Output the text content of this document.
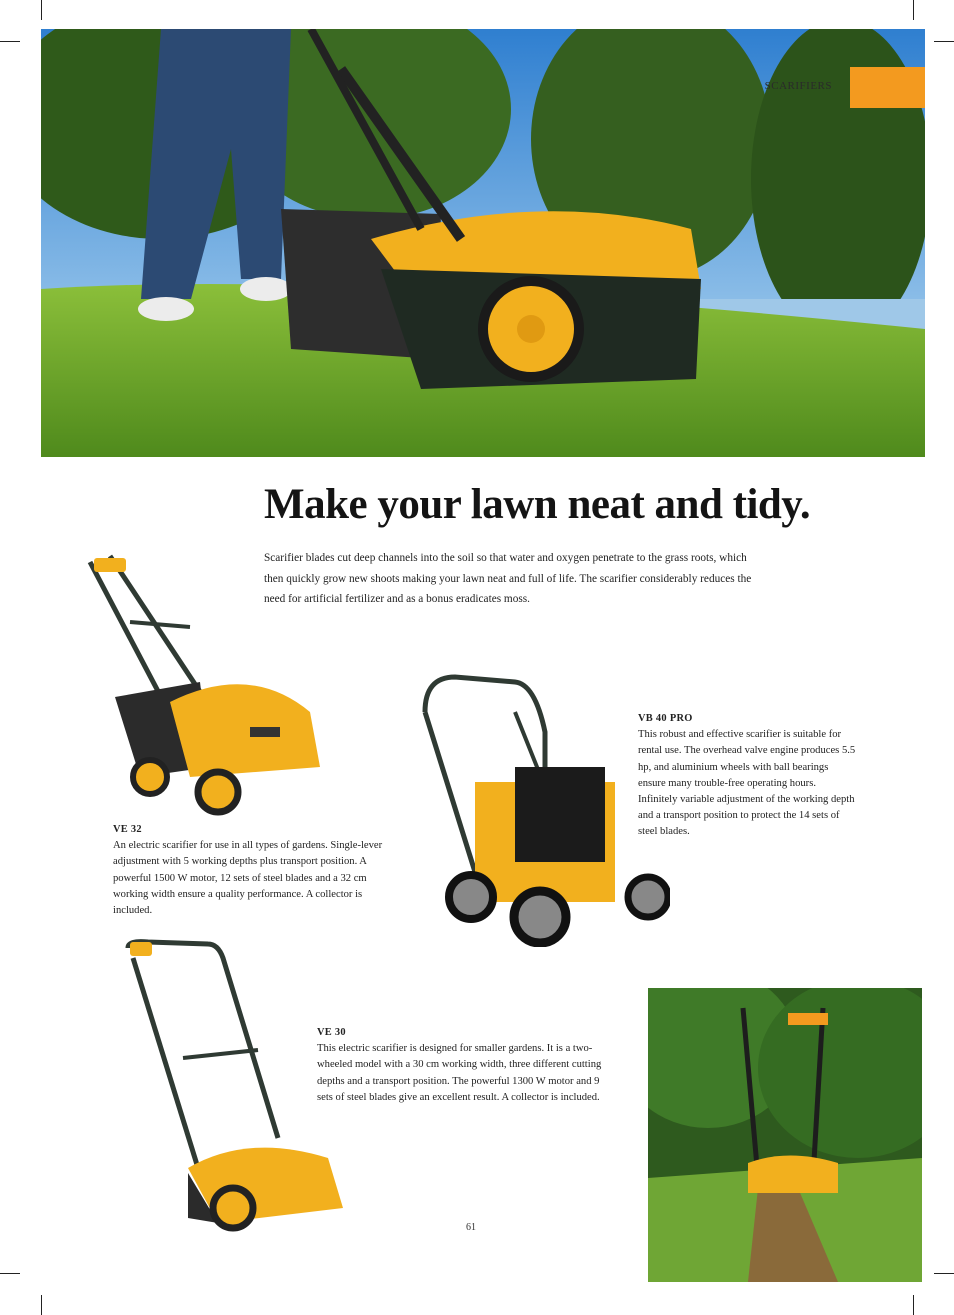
SCARIFIERS
Make your lawn neat and tidy.

Scarifier blades cut deep channels into the soil so that water and oxygen penetrate to the grass roots, which then quickly grow new shoots making your lawn neat and full of life. The scarifier considerably reduces the need for artificial fertilizer and as a bonus eradicates moss.

VE 32
An electric scarifier for use in all types of gardens. Single-lever adjustment with 5 working depths plus transport position. A powerful 1500 W motor, 12 sets of steel blades and a 32 cm working width ensure a quality performance. A collector is included.
VB 40 PRO
This robust and effective scarifier is suitable for rental use. The overhead valve engine produces 5.5 hp, and aluminium wheels with ball bearings ensure many trouble-free operating hours. Infinitely variable adjustment of the working depth and a transport position to protect the 14 sets of steel blades.
VE 30
This electric scarifier is designed for smaller gardens. It is a two-wheeled model with a 30 cm working width, three different cutting depths and a transport position. The powerful 1300 W motor and 9 sets of steel blades give an excellent result. A collector is included.
61
